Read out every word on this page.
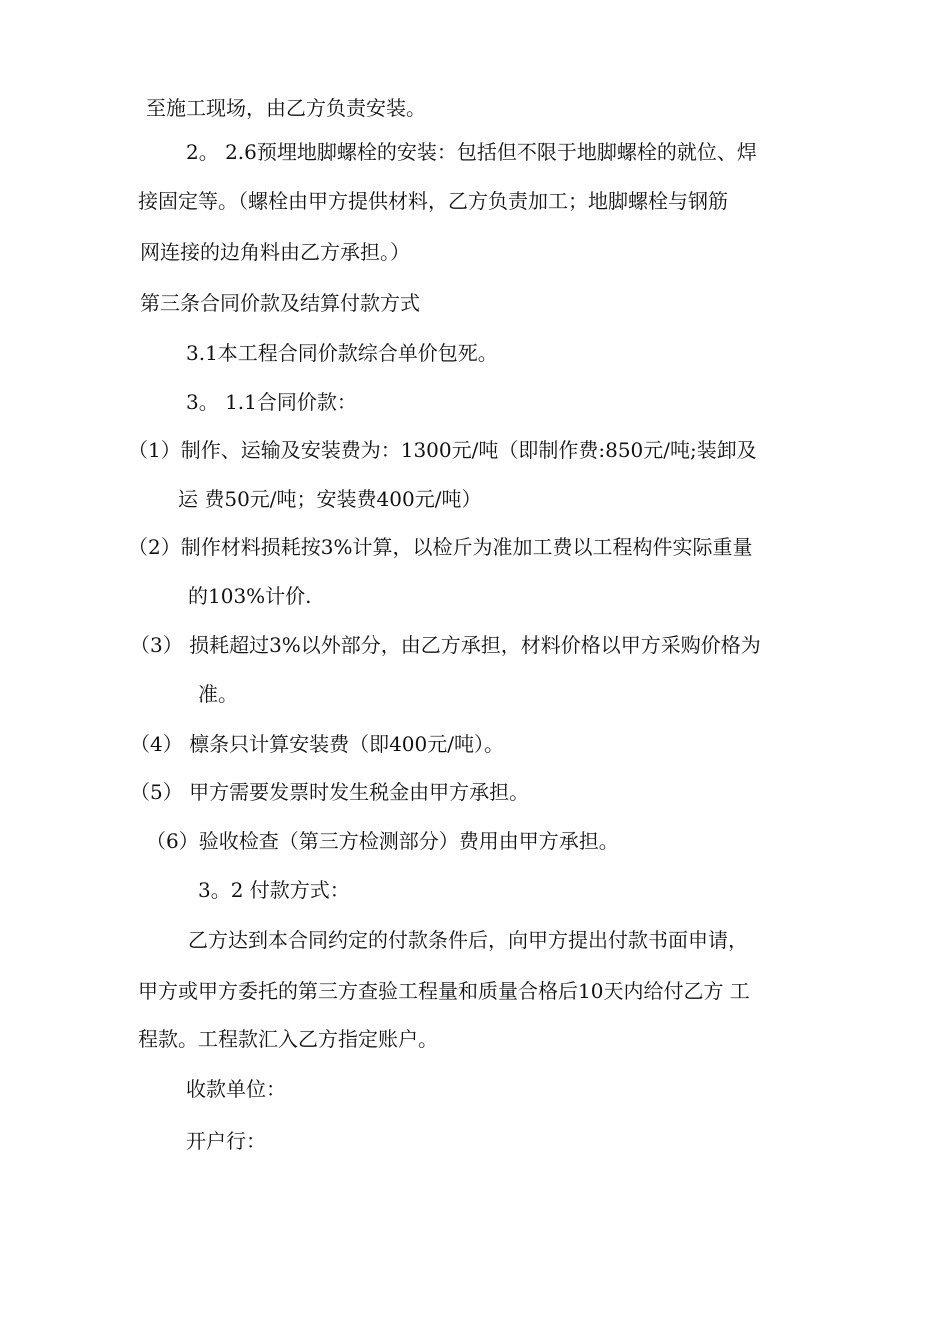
至施工现场，由乙方负责安装。
2。 2.6预埋地脚螺栓的安装：包括但不限于地脚螺栓的就位、焊
接固定等。（螺栓由甲方提供材料，乙方负责加工；地脚螺栓与钢筋
网连接的边角料由乙方承担。）
第三条合同价款及结算付款方式
3.1本工程合同价款综合单价包死。
3。 1.1合同价款：
（1）制作、运输及安装费为：1300元/吨（即制作费:850元/吨;装卸及
运 费50元/吨；安装费400元/吨）
（2）制作材料损耗按3%计算，以检斤为准加工费以工程构件实际重量
的103%计价.
（3） 损耗超过3%以外部分，由乙方承担，材料价格以甲方采购价格为
准。
（4） 檩条只计算安装费（即400元/吨）。
（5） 甲方需要发票时发生税金由甲方承担。
（6）验收检查（第三方检测部分）费用由甲方承担。
3。2 付款方式：
乙方达到本合同约定的付款条件后，向甲方提出付款书面申请，
甲方或甲方委托的第三方查验工程量和质量合格后10天内给付乙方 工
程款。工程款汇入乙方指定账户。
收款单位：
开户行：
